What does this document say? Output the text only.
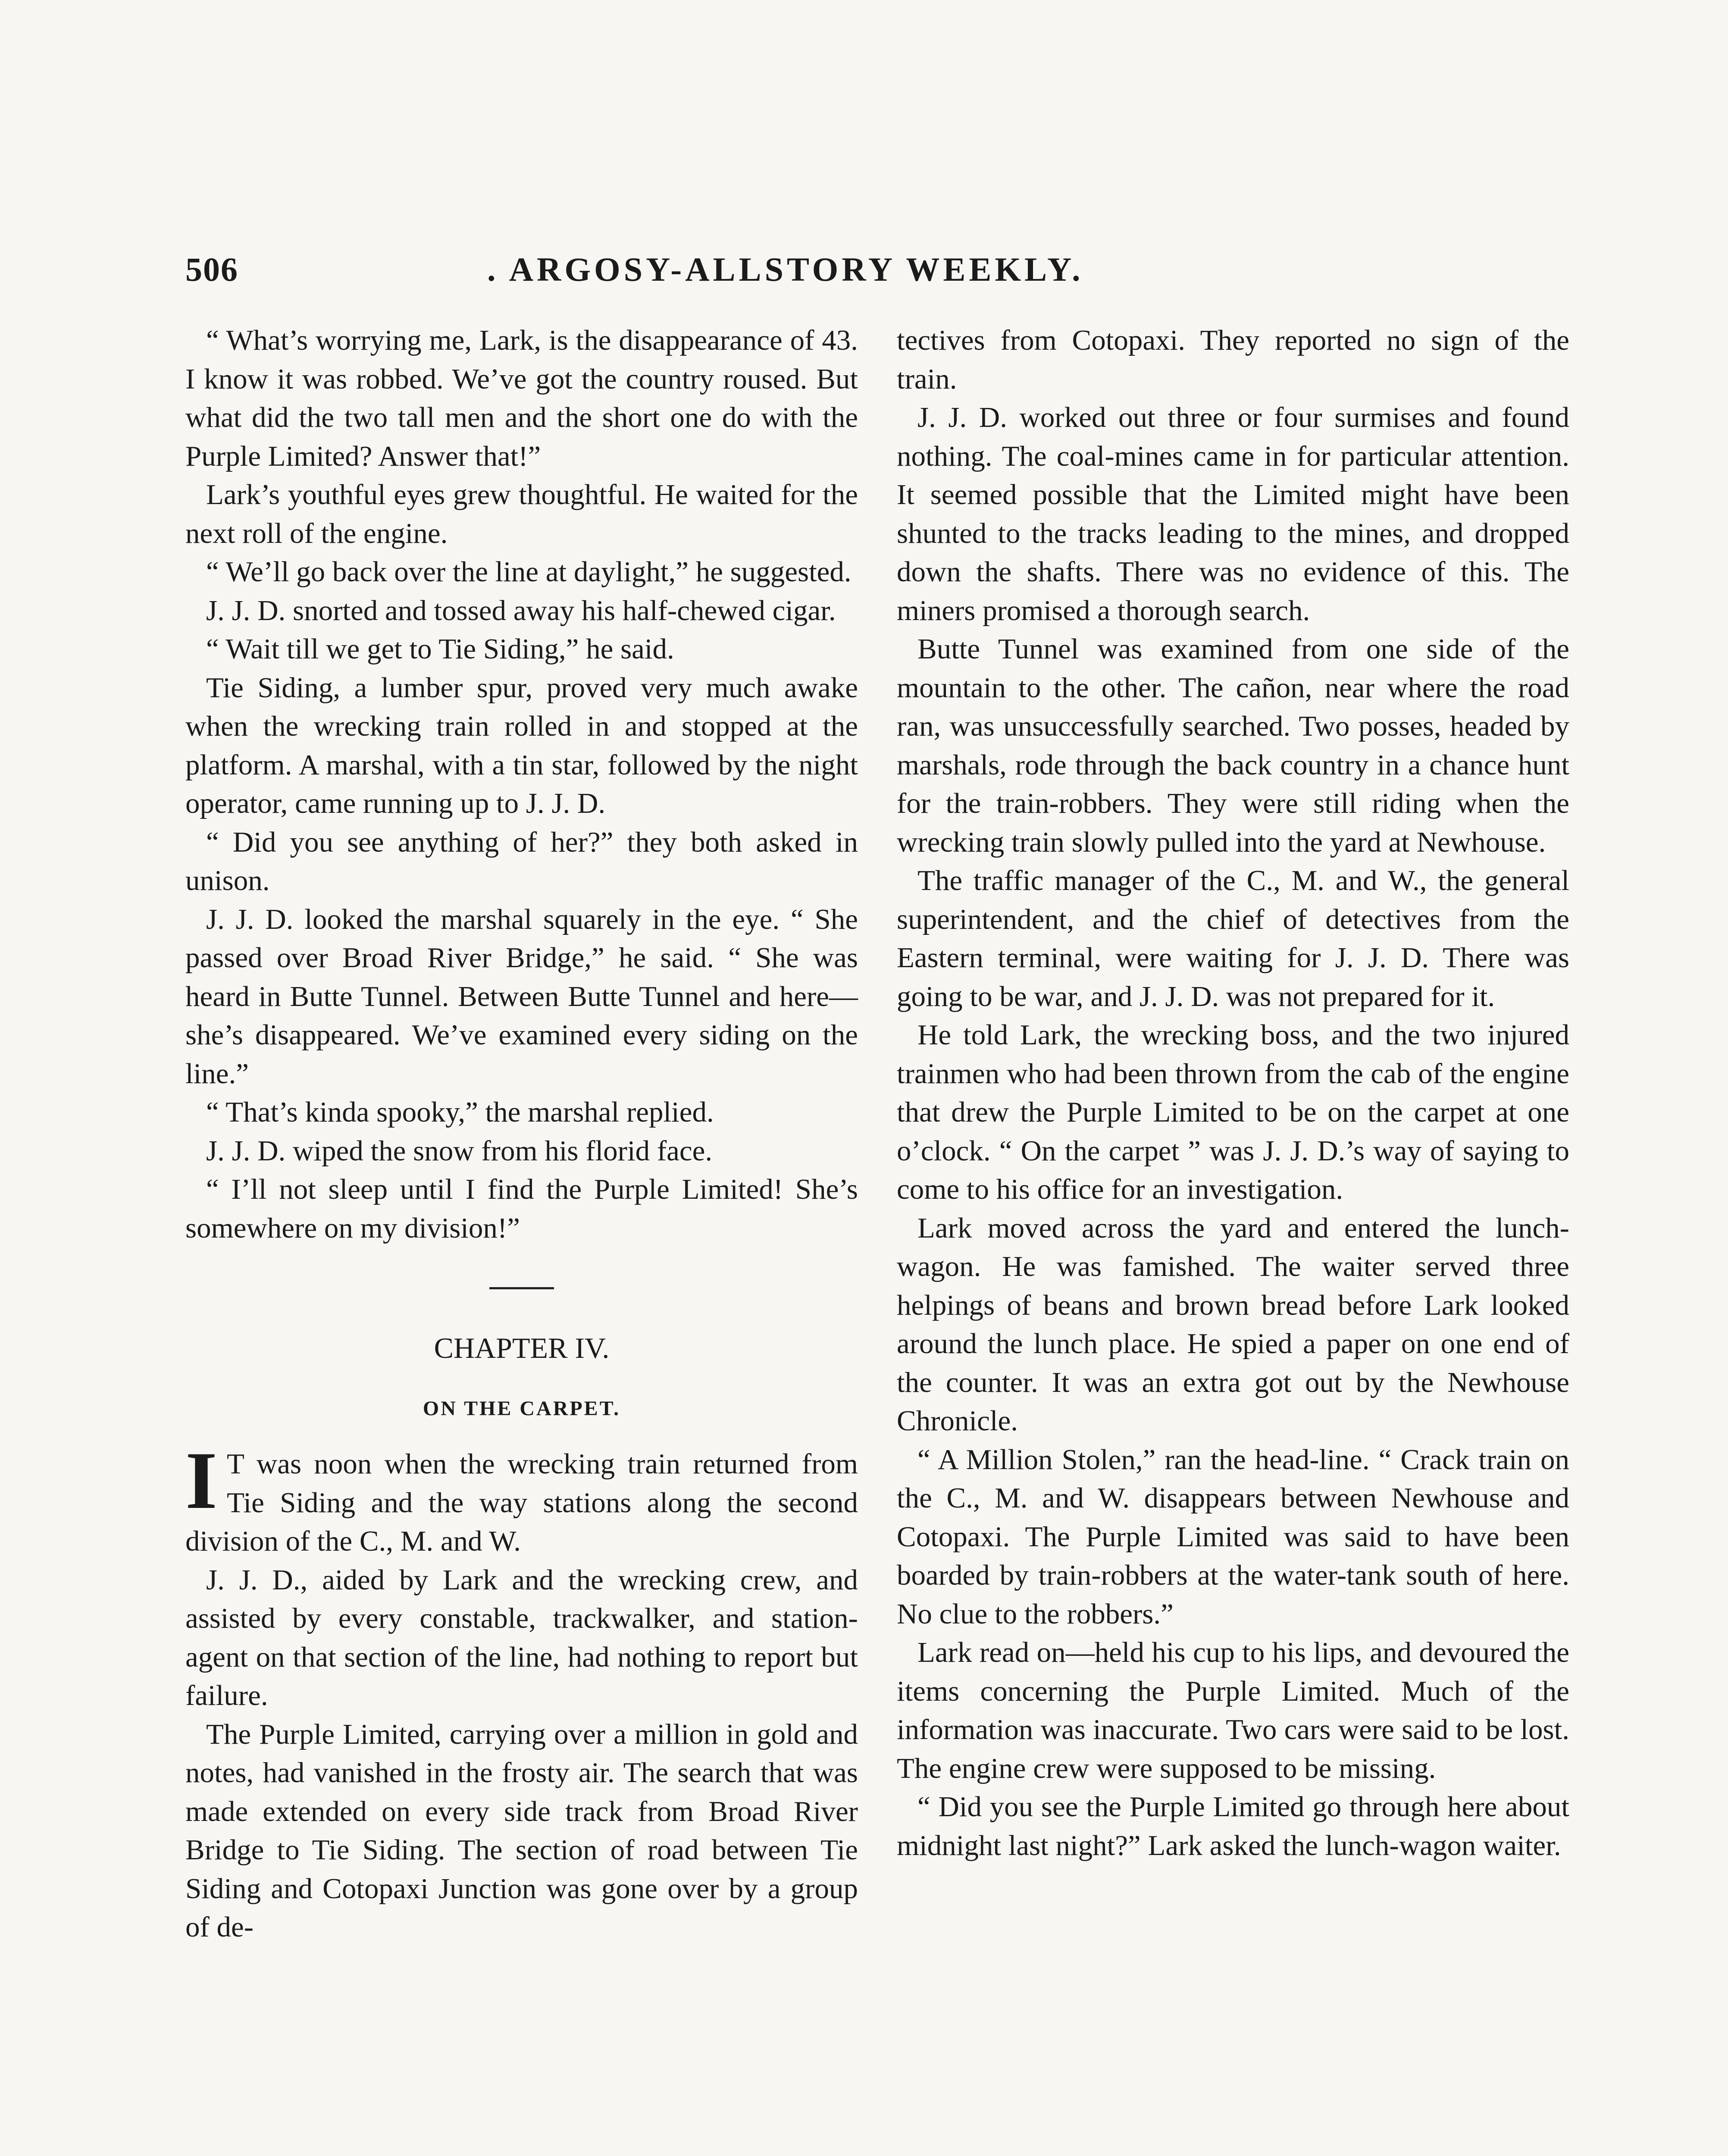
506	. ARGOSY-ALLSTORY WEEKLY.

“ What’s worrying me, Lark, is the disappearance of 43. I know it was robbed. We’ve got the country roused. But what did the two tall men and the short one do with the Purple Limited? Answer that!”

Lark’s youthful eyes grew thoughtful. He waited for the next roll of the engine.

“ We’ll go back over the line at daylight,” he suggested.

J. J. D. snorted and tossed away his half-chewed cigar.

“ Wait till we get to Tie Siding,” he said.

Tie Siding, a lumber spur, proved very much awake when the wrecking train rolled in and stopped at the platform. A marshal, with a tin star, followed by the night operator, came running up to J. J. D.

“ Did you see anything of her?” they both asked in unison.

J. J. D. looked the marshal squarely in the eye. “ She passed over Broad River Bridge,” he said. “ She was heard in Butte Tunnel. Between Butte Tunnel and here—she’s disappeared. We’ve examined every siding on the line.”

“ That’s kinda spooky,” the marshal replied.

J. J. D. wiped the snow from his florid face.

“ I’ll not sleep until I find the Purple Limited! She’s somewhere on my division!”

CHAPTER IV.
ON THE CARPET.

I T was noon when the wrecking train returned from Tie Siding and the way stations along the second division of the C., M. and W.

J. J. D., aided by Lark and the wrecking crew, and assisted by every constable, trackwalker, and station-agent on that section of the line, had nothing to report but failure.

The Purple Limited, carrying over a million in gold and notes, had vanished in the frosty air. The search that was made extended on every side track from Broad River Bridge to Tie Siding. The section of road between Tie Siding and Cotopaxi Junction was gone over by a group of de-

tectives from Cotopaxi. They reported no sign of the train.

J. J. D. worked out three or four surmises and found nothing. The coal-mines came in for particular attention. It seemed possible that the Limited might have been shunted to the tracks leading to the mines, and dropped down the shafts. There was no evidence of this. The miners promised a thorough search.

Butte Tunnel was examined from one side of the mountain to the other. The cañon, near where the road ran, was unsuccessfully searched. Two posses, headed by marshals, rode through the back country in a chance hunt for the train-robbers. They were still riding when the wrecking train slowly pulled into the yard at Newhouse.

The traffic manager of the C., M. and W., the general superintendent, and the chief of detectives from the Eastern terminal, were waiting for J. J. D. There was going to be war, and J. J. D. was not prepared for it.

He told Lark, the wrecking boss, and the two injured trainmen who had been thrown from the cab of the engine that drew the Purple Limited to be on the carpet at one o’clock. “ On the carpet ” was J. J. D.’s way of saying to come to his office for an investigation.

Lark moved across the yard and entered the lunch-wagon. He was famished. The waiter served three helpings of beans and brown bread before Lark looked around the lunch place. He spied a paper on one end of the counter. It was an extra got out by the Newhouse Chronicle.

“ A Million Stolen,” ran the head-line. “ Crack train on the C., M. and W. disappears between Newhouse and Cotopaxi. The Purple Limited was said to have been boarded by train-robbers at the water-tank south of here. No clue to the robbers.”

Lark read on—held his cup to his lips, and devoured the items concerning the Purple Limited. Much of the information was inaccurate. Two cars were said to be lost. The engine crew were supposed to be missing.

“ Did you see the Purple Limited go through here about midnight last night?” Lark asked the lunch-wagon waiter.
